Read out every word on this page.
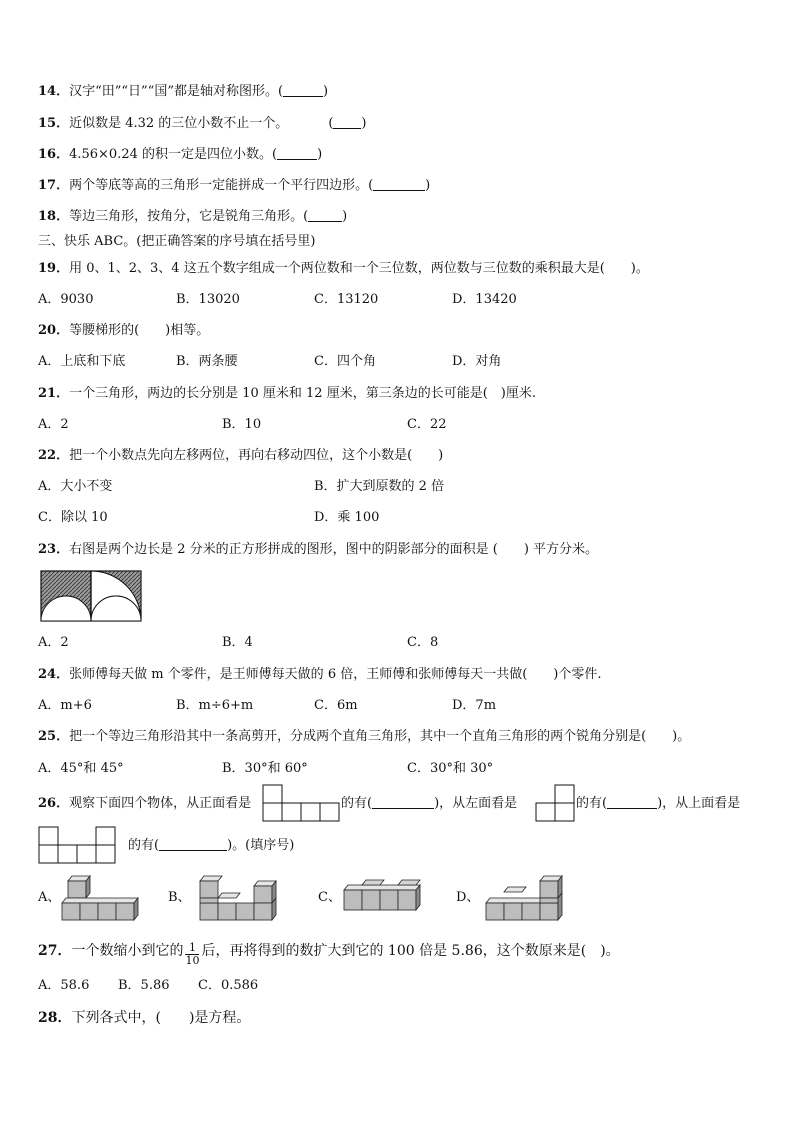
14．汉字“田”“日”“国”都是轴对称图形。(	)
15．近似数是 4.32 的三位小数不止一个。	( )
16．4.56×0.24 的积一定是四位小数。(	)
17．两个等底等高的三角形一定能拼成一个平行四边形。(	)
18．等边三角形，按角分，它是锐角三角形。(	)
三、快乐 ABC。(把正确答案的序号填在括号里)
19．用 0、1、2、3、4 这五个数字组成一个两位数和一个三位数，两位数与三位数的乘积最大是(　　)。
A．9030	B．13020	C．13120	D．13420
20．等腰梯形的(　　)相等。
A．上底和下底	B．两条腰	C．四个角	D．对角
21．一个三角形，两边的长分别是 10 厘米和 12 厘米，第三条边的长可能是(　)厘米.
A．2	B．10	C．22
22．把一个小数点先向左移两位，再向右移动四位，这个小数是(　　)
A．大小不变	B．扩大到原数的 2 倍
C．除以 10	D．乘 100
23．右图是两个边长是 2 分米的正方形拼成的图形，图中的阴影部分的面积是 (　　) 平方分米。
A．2	B．4	C．8
24．张师傅每天做 m 个零件，是王师傅每天做的 6 倍，王师傅和张师傅每天一共做(　　)个零件.
A．m+6	B．m÷6+m	C．6m	D．7m
25．把一个等边三角形沿其中一条高剪开，分成两个直角三角形，其中一个直角三角形的两个锐角分别是(　　)。
A．45°和 45°	B．30°和 60°	C．30°和 30°
26．观察下面四个物体，从正面看是	的有(	)，从左面看是	的有(	)，从上面看是
的有(	)。(填序号)
A、	B、	C、	D、
27．一个数缩小到它的 $\frac{1}{10}$ 后，再将得到的数扩大到它的 100 倍是 5.86，这个数原来是(　)。
A．58.6 B．5.86 C．0.586
28．下列各式中，(　　)是方程。
